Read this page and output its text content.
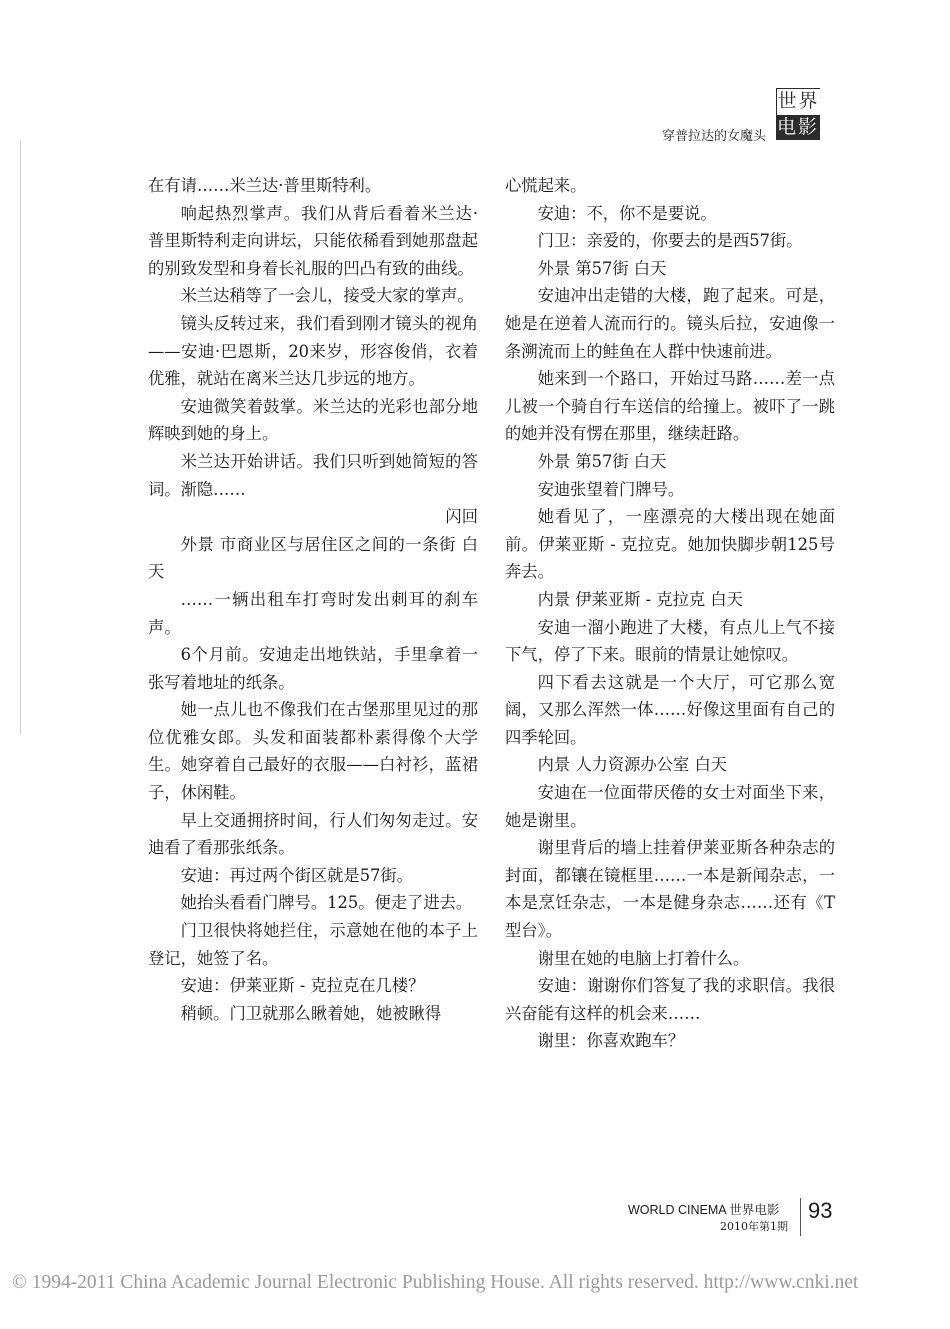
穿普拉达的女魔头
世界
电影

在有请……米兰达·普里斯特利。

响起热烈掌声。我们从背后看着米兰达·普里斯特利走向讲坛，只能依稀看到她那盘起的别致发型和身着长礼服的凹凸有致的曲线。

米兰达稍等了一会儿，接受大家的掌声。

镜头反转过来，我们看到刚才镜头的视角——安迪·巴恩斯，20来岁，形容俊俏，衣着优雅，就站在离米兰达几步远的地方。

安迪微笑着鼓掌。米兰达的光彩也部分地辉映到她的身上。

米兰达开始讲话。我们只听到她简短的答词。渐隐……

闪回

外景 市商业区与居住区之间的一条街 白天

……一辆出租车打弯时发出刺耳的刹车声。

6个月前。安迪走出地铁站，手里拿着一张写着地址的纸条。

她一点儿也不像我们在古堡那里见过的那位优雅女郎。头发和面装都朴素得像个大学生。她穿着自己最好的衣服——白衬衫，蓝裙子，休闲鞋。

早上交通拥挤时间，行人们匆匆走过。安迪看了看那张纸条。

安迪：再过两个街区就是57街。

她抬头看看门牌号。125。便走了进去。

门卫很快将她拦住，示意她在他的本子上登记，她签了名。

安迪：伊莱亚斯 - 克拉克在几楼？

稍顿。门卫就那么瞅着她，她被瞅得

心慌起来。

安迪：不，你不是要说。

门卫：亲爱的，你要去的是西57街。

外景 第57街 白天

安迪冲出走错的大楼，跑了起来。可是，她是在逆着人流而行的。镜头后拉，安迪像一条溯流而上的鲑鱼在人群中快速前进。

她来到一个路口，开始过马路……差一点儿被一个骑自行车送信的给撞上。被吓了一跳的她并没有愣在那里，继续赶路。

外景 第57街 白天

安迪张望着门牌号。

她看见了，一座漂亮的大楼出现在她面前。伊莱亚斯 - 克拉克。她加快脚步朝125号奔去。

内景 伊莱亚斯 - 克拉克 白天

安迪一溜小跑进了大楼，有点儿上气不接下气，停了下来。眼前的情景让她惊叹。

四下看去这就是一个大厅，可它那么宽阔，又那么浑然一体……好像这里面有自己的四季轮回。

内景 人力资源办公室 白天

安迪在一位面带厌倦的女士对面坐下来，她是谢里。

谢里背后的墙上挂着伊莱亚斯各种杂志的封面，都镶在镜框里……一本是新闻杂志，一本是烹饪杂志，一本是健身杂志……还有《T型台》。

谢里在她的电脑上打着什么。

安迪：谢谢你们答复了我的求职信。我很兴奋能有这样的机会来……

谢里：你喜欢跑车？

WORLD CINEMA 世界电影
2010年第1期
93
© 1994-2011 China Academic Journal Electronic Publishing House. All rights reserved. http://www.cnki.net
